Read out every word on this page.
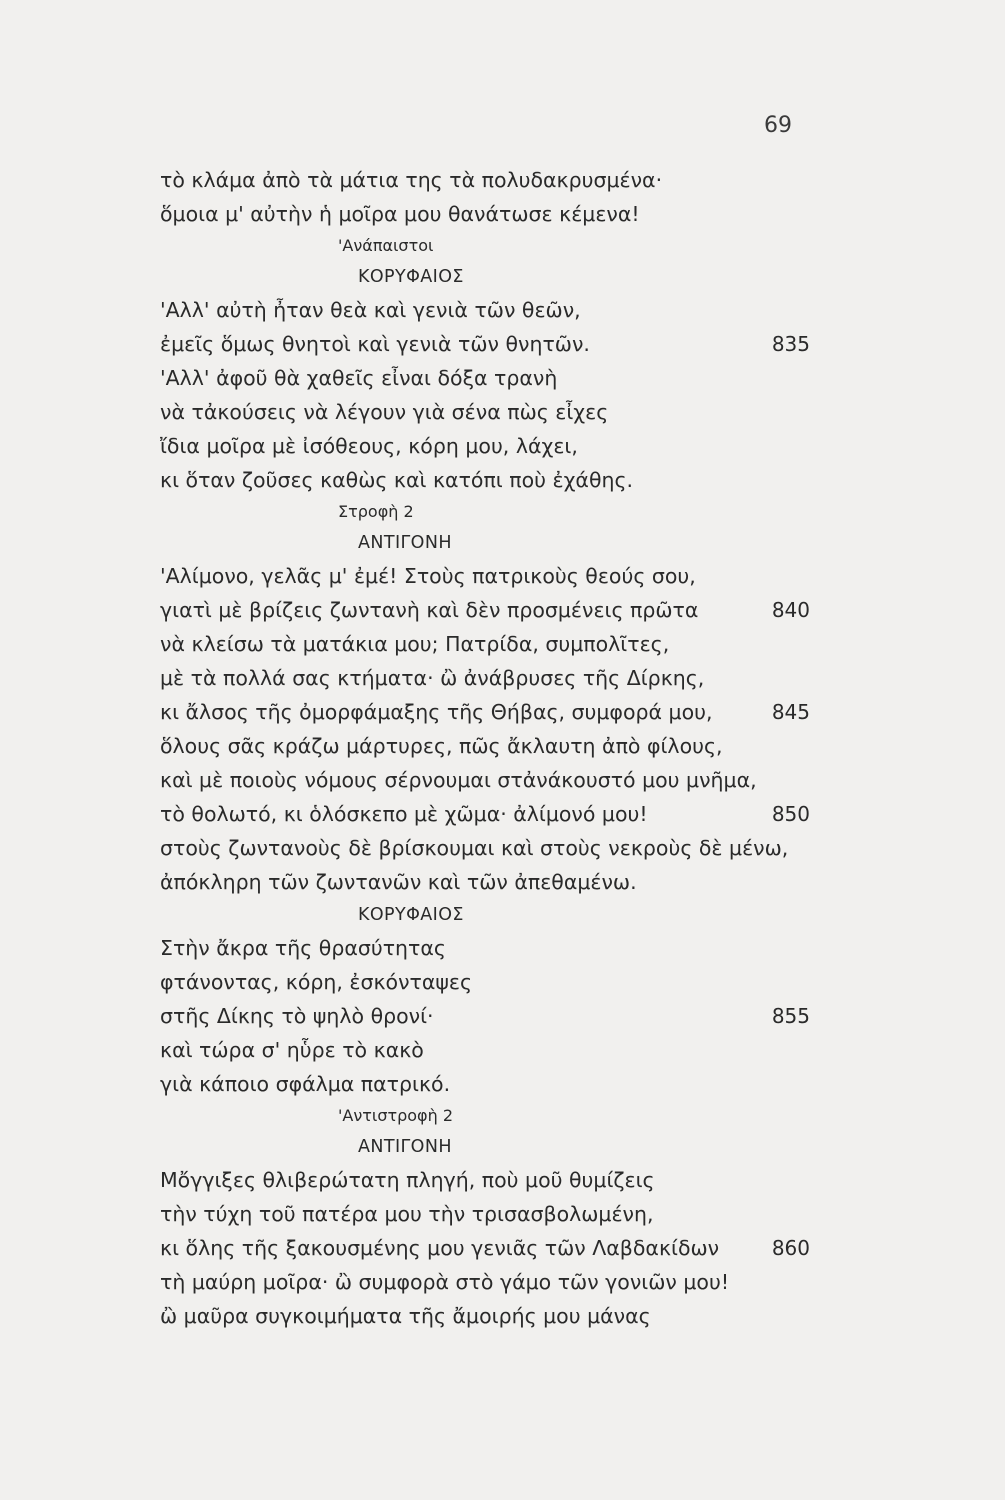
69
τὸ κλάμα ἀπὸ τὰ μάτια της τὰ πολυδακρυσμένα·
ὅμοια μ' αὐτὴν ἡ μοῖρα μου θανάτωσε κέμενα!
'Ανάπαιστοι
ΚΟΡΥΦΑΙΟΣ
'Αλλ' αὐτὴ ἦταν θεὰ καὶ γενιὰ τῶν θεῶν,
ἐμεῖς ὅμως θνητοὶ καὶ γενιὰ τῶν θνητῶν.	835
'Αλλ' ἀφοῦ θὰ χαθεῖς εἶναι δόξα τρανὴ
νὰ τἀκούσεις νὰ λέγουν γιὰ σένα πὼς εἶχες
ἴδια μοῖρα μὲ ἰσόθεους, κόρη μου, λάχει,
κι ὅταν ζοῦσες καθὼς καὶ κατόπι ποὺ ἐχάθης.
Στροφὴ 2
ΑΝΤΙΓΟΝΗ
'Αλίμονο, γελᾶς μ' ἐμέ! Στοὺς πατρικοὺς θεούς σου,
γιατὶ μὲ βρίζεις ζωντανὴ καὶ δὲν προσμένεις πρῶτα	840
νὰ κλείσω τὰ ματάκια μου; Πατρίδα, συμπολῖτες,
μὲ τὰ πολλά σας κτήματα· ὢ ἀνάβρυσες τῆς Δίρκης,
κι ἄλσος τῆς ὀμορφάμαξης τῆς Θήβας, συμφορά μου,	845
ὅλους σᾶς κράζω μάρτυρες, πῶς ἄκλαυτη ἀπὸ φίλους,
καὶ μὲ ποιοὺς νόμους σέρνουμαι στἀνάκουστό μου μνῆμα,
τὸ θολωτό, κι ὁλόσκεπο μὲ χῶμα· ἀλίμονό μου!	850
στοὺς ζωντανοὺς δὲ βρίσκουμαι καὶ στοὺς νεκροὺς δὲ μένω,
ἀπόκληρη τῶν ζωντανῶν καὶ τῶν ἀπεθαμένω.
ΚΟΡΥΦΑΙΟΣ
Στὴν ἄκρα τῆς θρασύτητας
φτάνοντας, κόρη, ἐσκόνταψες
στῆς Δίκης τὸ ψηλὸ θρονί·	855
καὶ τώρα σ' ηὗρε τὸ κακὸ
γιὰ κάποιο σφάλμα πατρικό.
'Αντιστροφὴ 2
ΑΝΤΙΓΟΝΗ
Μὄγγιξες θλιβερώτατη πληγή, ποὺ μοῦ θυμίζεις
τὴν τύχη τοῦ πατέρα μου τὴν τρισασβολωμένη,
κι ὅλης τῆς ξακουσμένης μου γενιᾶς τῶν Λαβδακίδων	860
τὴ μαύρη μοῖρα· ὢ συμφορὰ στὸ γάμο τῶν γονιῶν μου!
ὢ μαῦρα συγκοιμήματα τῆς ἄμοιρής μου μάνας
